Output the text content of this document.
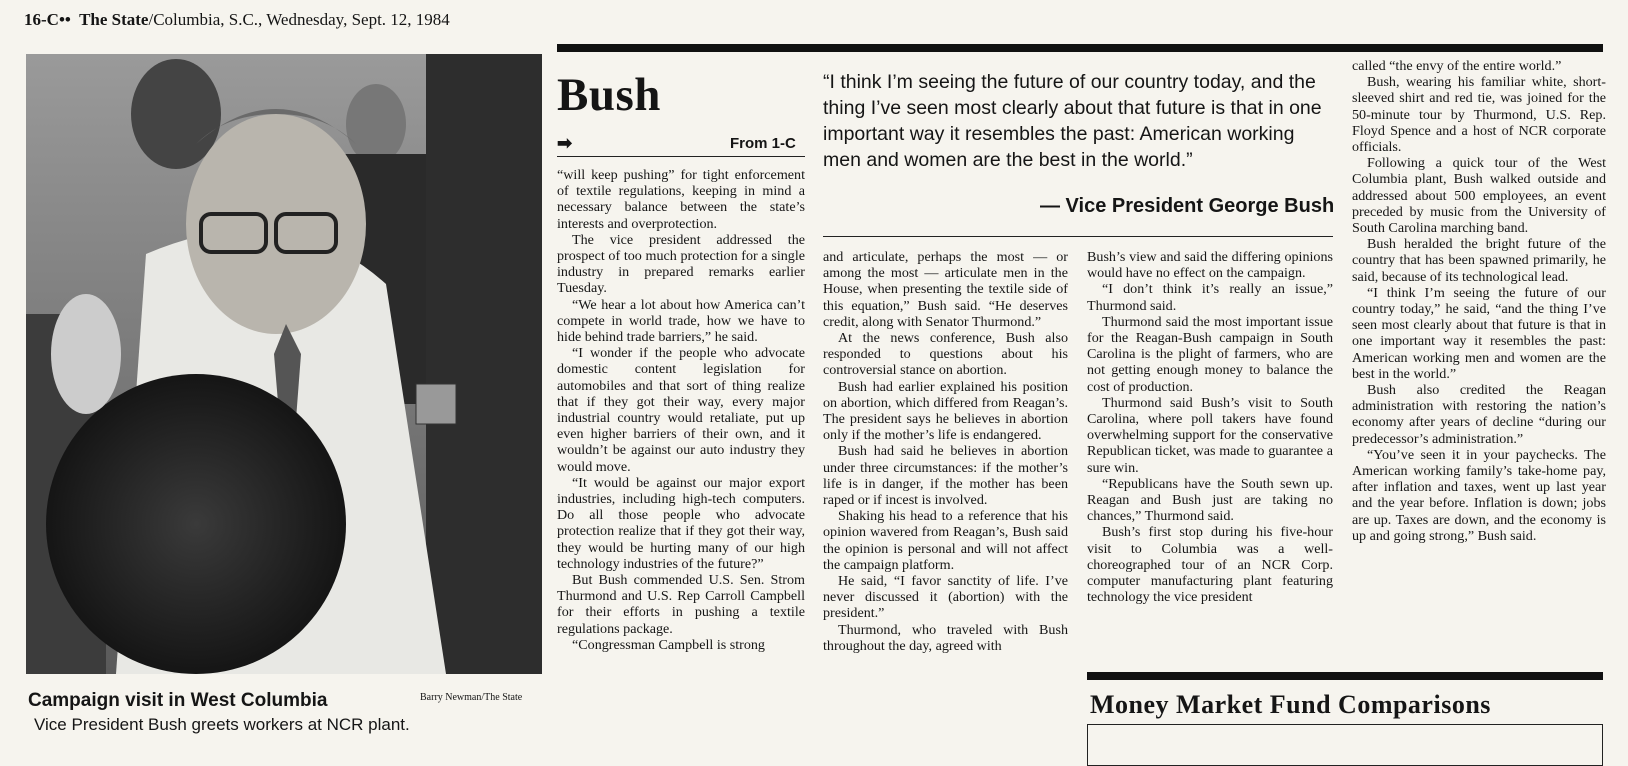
16-C•• The State/Columbia, S.C., Wednesday, Sept. 12, 1984
Campaign visit in West Columbia	Barry Newman/The State
Vice President Bush greets workers at NCR plant.
Bush
➡	From 1-C

“will keep pushing” for tight enforcement of textile regulations, keeping in mind a necessary balance between the state’s interests and overprotection.

The vice president addressed the prospect of too much protection for a single industry in prepared remarks earlier Tuesday.

“We hear a lot about how America can’t compete in world trade, how we have to hide behind trade barriers,” he said.

“I wonder if the people who advocate domestic content legislation for automobiles and that sort of thing realize that if they got their way, every major industrial country would retaliate, put up even higher barriers of their own, and it wouldn’t be against our auto industry they would move.

“It would be against our major export industries, including high-tech computers. Do all those people who advocate protection realize that if they got their way, they would be hurting many of our high technology industries of the future?”

But Bush commended U.S. Sen. Strom Thurmond and U.S. Rep Carroll Campbell for their efforts in pushing a textile regulations package.

“Congressman Campbell is strong

“I think I’m seeing the future of our country today, and the thing I’ve seen most clearly about that future is that in one important way it resembles the past: American working men and women are the best in the world.”
— Vice President George Bush

and articulate, perhaps the most — or among the most — articulate men in the House, when presenting the textile side of this equation,” Bush said. “He deserves credit, along with Senator Thurmond.”

At the news conference, Bush also responded to questions about his controversial stance on abortion.

Bush had earlier explained his position on abortion, which differed from Reagan’s. The president says he believes in abortion only if the mother’s life is endangered.

Bush had said he believes in abortion under three circumstances: if the mother’s life is in danger, if the mother has been raped or if incest is involved.

Shaking his head to a reference that his opinion wavered from Reagan’s, Bush said the opinion is personal and will not affect the campaign platform.

He said, “I favor sanctity of life. I’ve never discussed it (abortion) with the president.”

Thurmond, who traveled with Bush throughout the day, agreed with

Bush’s view and said the differing opinions would have no effect on the campaign.

“I don’t think it’s really an issue,” Thurmond said.

Thurmond said the most important issue for the Reagan-Bush campaign in South Carolina is the plight of farmers, who are not getting enough money to balance the cost of production.

Thurmond said Bush’s visit to South Carolina, where poll takers have found overwhelming support for the conservative Republican ticket, was made to guarantee a sure win.

“Republicans have the South sewn up. Reagan and Bush just are taking no chances,” Thurmond said.

Bush’s first stop during his five-hour visit to Columbia was a well-choreographed tour of an NCR Corp. computer manufacturing plant featuring technology the vice president

called “the envy of the entire world.”

Bush, wearing his familiar white, short-sleeved shirt and red tie, was joined for the 50-minute tour by Thurmond, U.S. Rep. Floyd Spence and a host of NCR corporate officials.

Following a quick tour of the West Columbia plant, Bush walked outside and addressed about 500 employees, an event preceded by music from the University of South Carolina marching band.

Bush heralded the bright future of the country that has been spawned primarily, he said, because of its technological lead.

“I think I’m seeing the future of our country today,” he said, “and the thing I’ve seen most clearly about that future is that in one important way it resembles the past: American working men and women are the best in the world.”

Bush also credited the Reagan administration with restoring the nation’s economy after years of decline “during our predecessor’s administration.”

“You’ve seen it in your paychecks. The American working family’s take-home pay, after inflation and taxes, went up last year and the year before. Inflation is down; jobs are up. Taxes are down, and the economy is up and going strong,” Bush said.

Money Market Fund Comparisons
